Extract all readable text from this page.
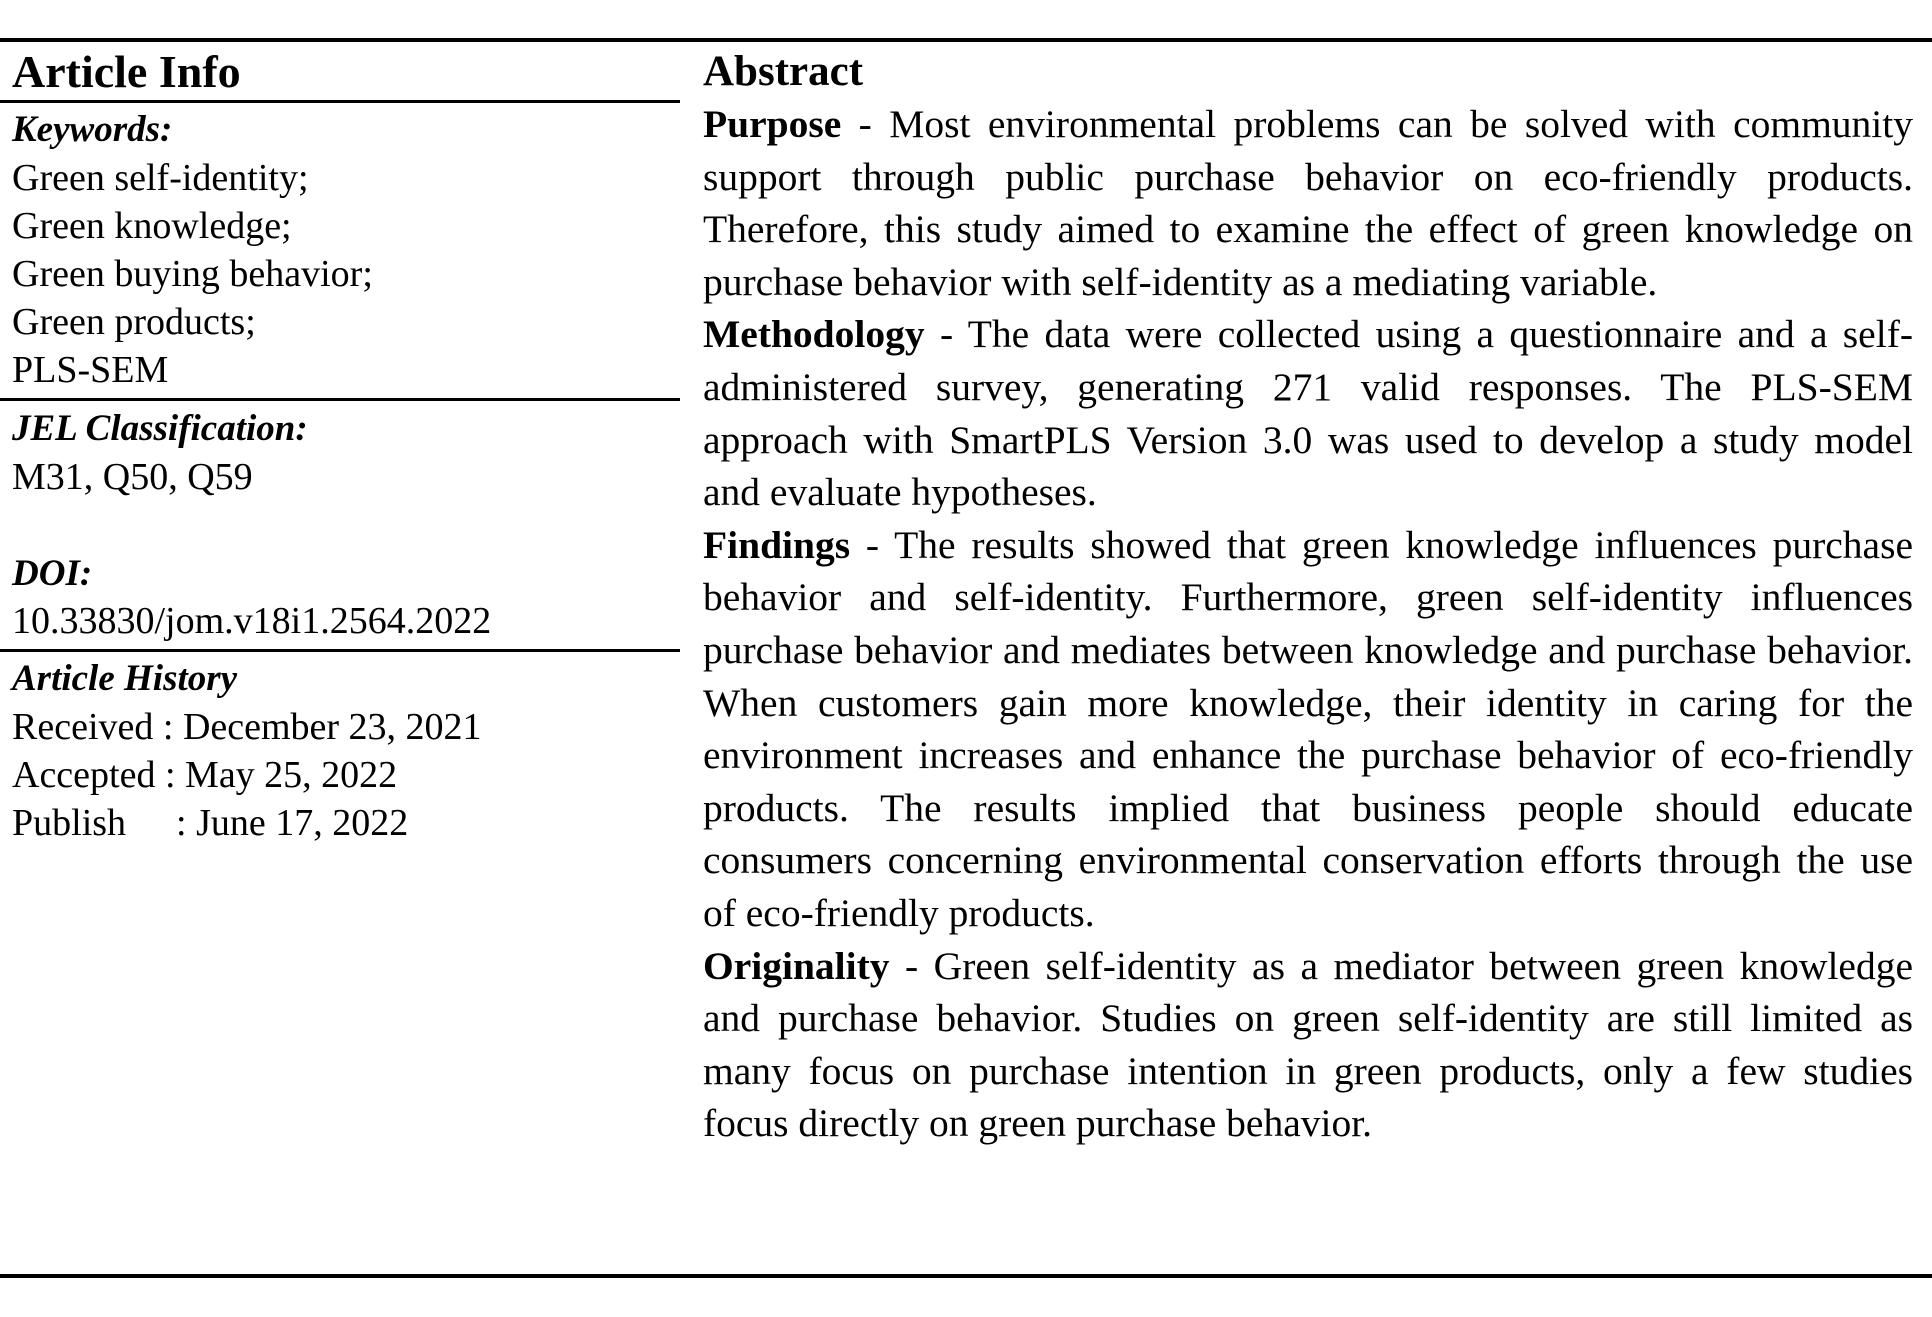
Article Info
Keywords:
Green self-identity;
Green knowledge;
Green buying behavior;
Green products;
PLS-SEM
JEL Classification:
M31, Q50, Q59
DOI:
10.33830/jom.v18i1.2564.2022
Article History
Received : December 23, 2021
Accepted : May 25, 2022
Publish : June 17, 2022
Abstract

Purpose - Most environmental problems can be solved with community support through public purchase behavior on eco-friendly products. Therefore, this study aimed to examine the effect of green knowledge on purchase behavior with self-identity as a mediating variable.

Methodology - The data were collected using a questionnaire and a self-administered survey, generating 271 valid responses. The PLS-SEM approach with SmartPLS Version 3.0 was used to develop a study model and evaluate hypotheses.

Findings - The results showed that green knowledge influences purchase behavior and self-identity. Furthermore, green self-identity influences purchase behavior and mediates between knowledge and purchase behavior. When customers gain more knowledge, their identity in caring for the environment increases and enhance the purchase behavior of eco-friendly products. The results implied that business people should educate consumers concerning environmental conservation efforts through the use of eco-friendly products.

Originality - Green self-identity as a mediator between green knowledge and purchase behavior. Studies on green self-identity are still limited as many focus on purchase intention in green products, only a few studies focus directly on green purchase behavior.
